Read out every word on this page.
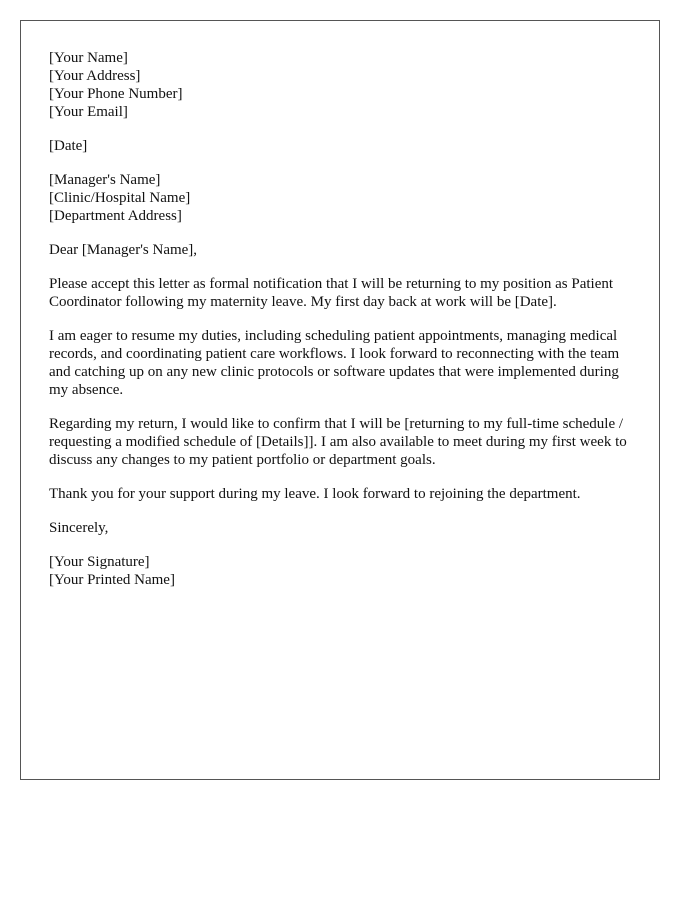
[Your Name]
[Your Address]
[Your Phone Number]
[Your Email]
[Date]
[Manager's Name]
[Clinic/Hospital Name]
[Department Address]
Dear [Manager's Name],

Please accept this letter as formal notification that I will be returning to my position as Patient Coordinator following my maternity leave. My first day back at work will be [Date].

I am eager to resume my duties, including scheduling patient appointments, managing medical records, and coordinating patient care workflows. I look forward to reconnecting with the team and catching up on any new clinic protocols or software updates that were implemented during my absence.

Regarding my return, I would like to confirm that I will be [returning to my full-time schedule / requesting a modified schedule of [Details]]. I am also available to meet during my first week to discuss any changes to my patient portfolio or department goals.

Thank you for your support during my leave. I look forward to rejoining the department.

Sincerely,
[Your Signature]
[Your Printed Name]
